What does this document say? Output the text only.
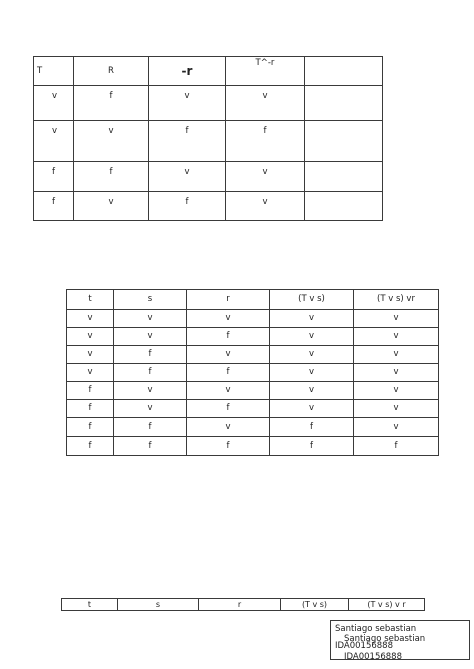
T	R	-r	T^-r	
v	f	v	v	
v	v	f	f	
f	f	v	v	
f	v	f	v	
t	s	r	(T v s)	(T v s) vr
v	v	v	v	v
v	v	f	v	v
v	f	v	v	v
v	f	f	v	v
f	v	v	v	v
f	v	f	v	v
f	f	v	f	v
f	f	f	f	f
t	s	r	(T v s)	(T v s) v r
Santiago sebastian
Santiago sebastian
IDA00156888
IDA00156888
